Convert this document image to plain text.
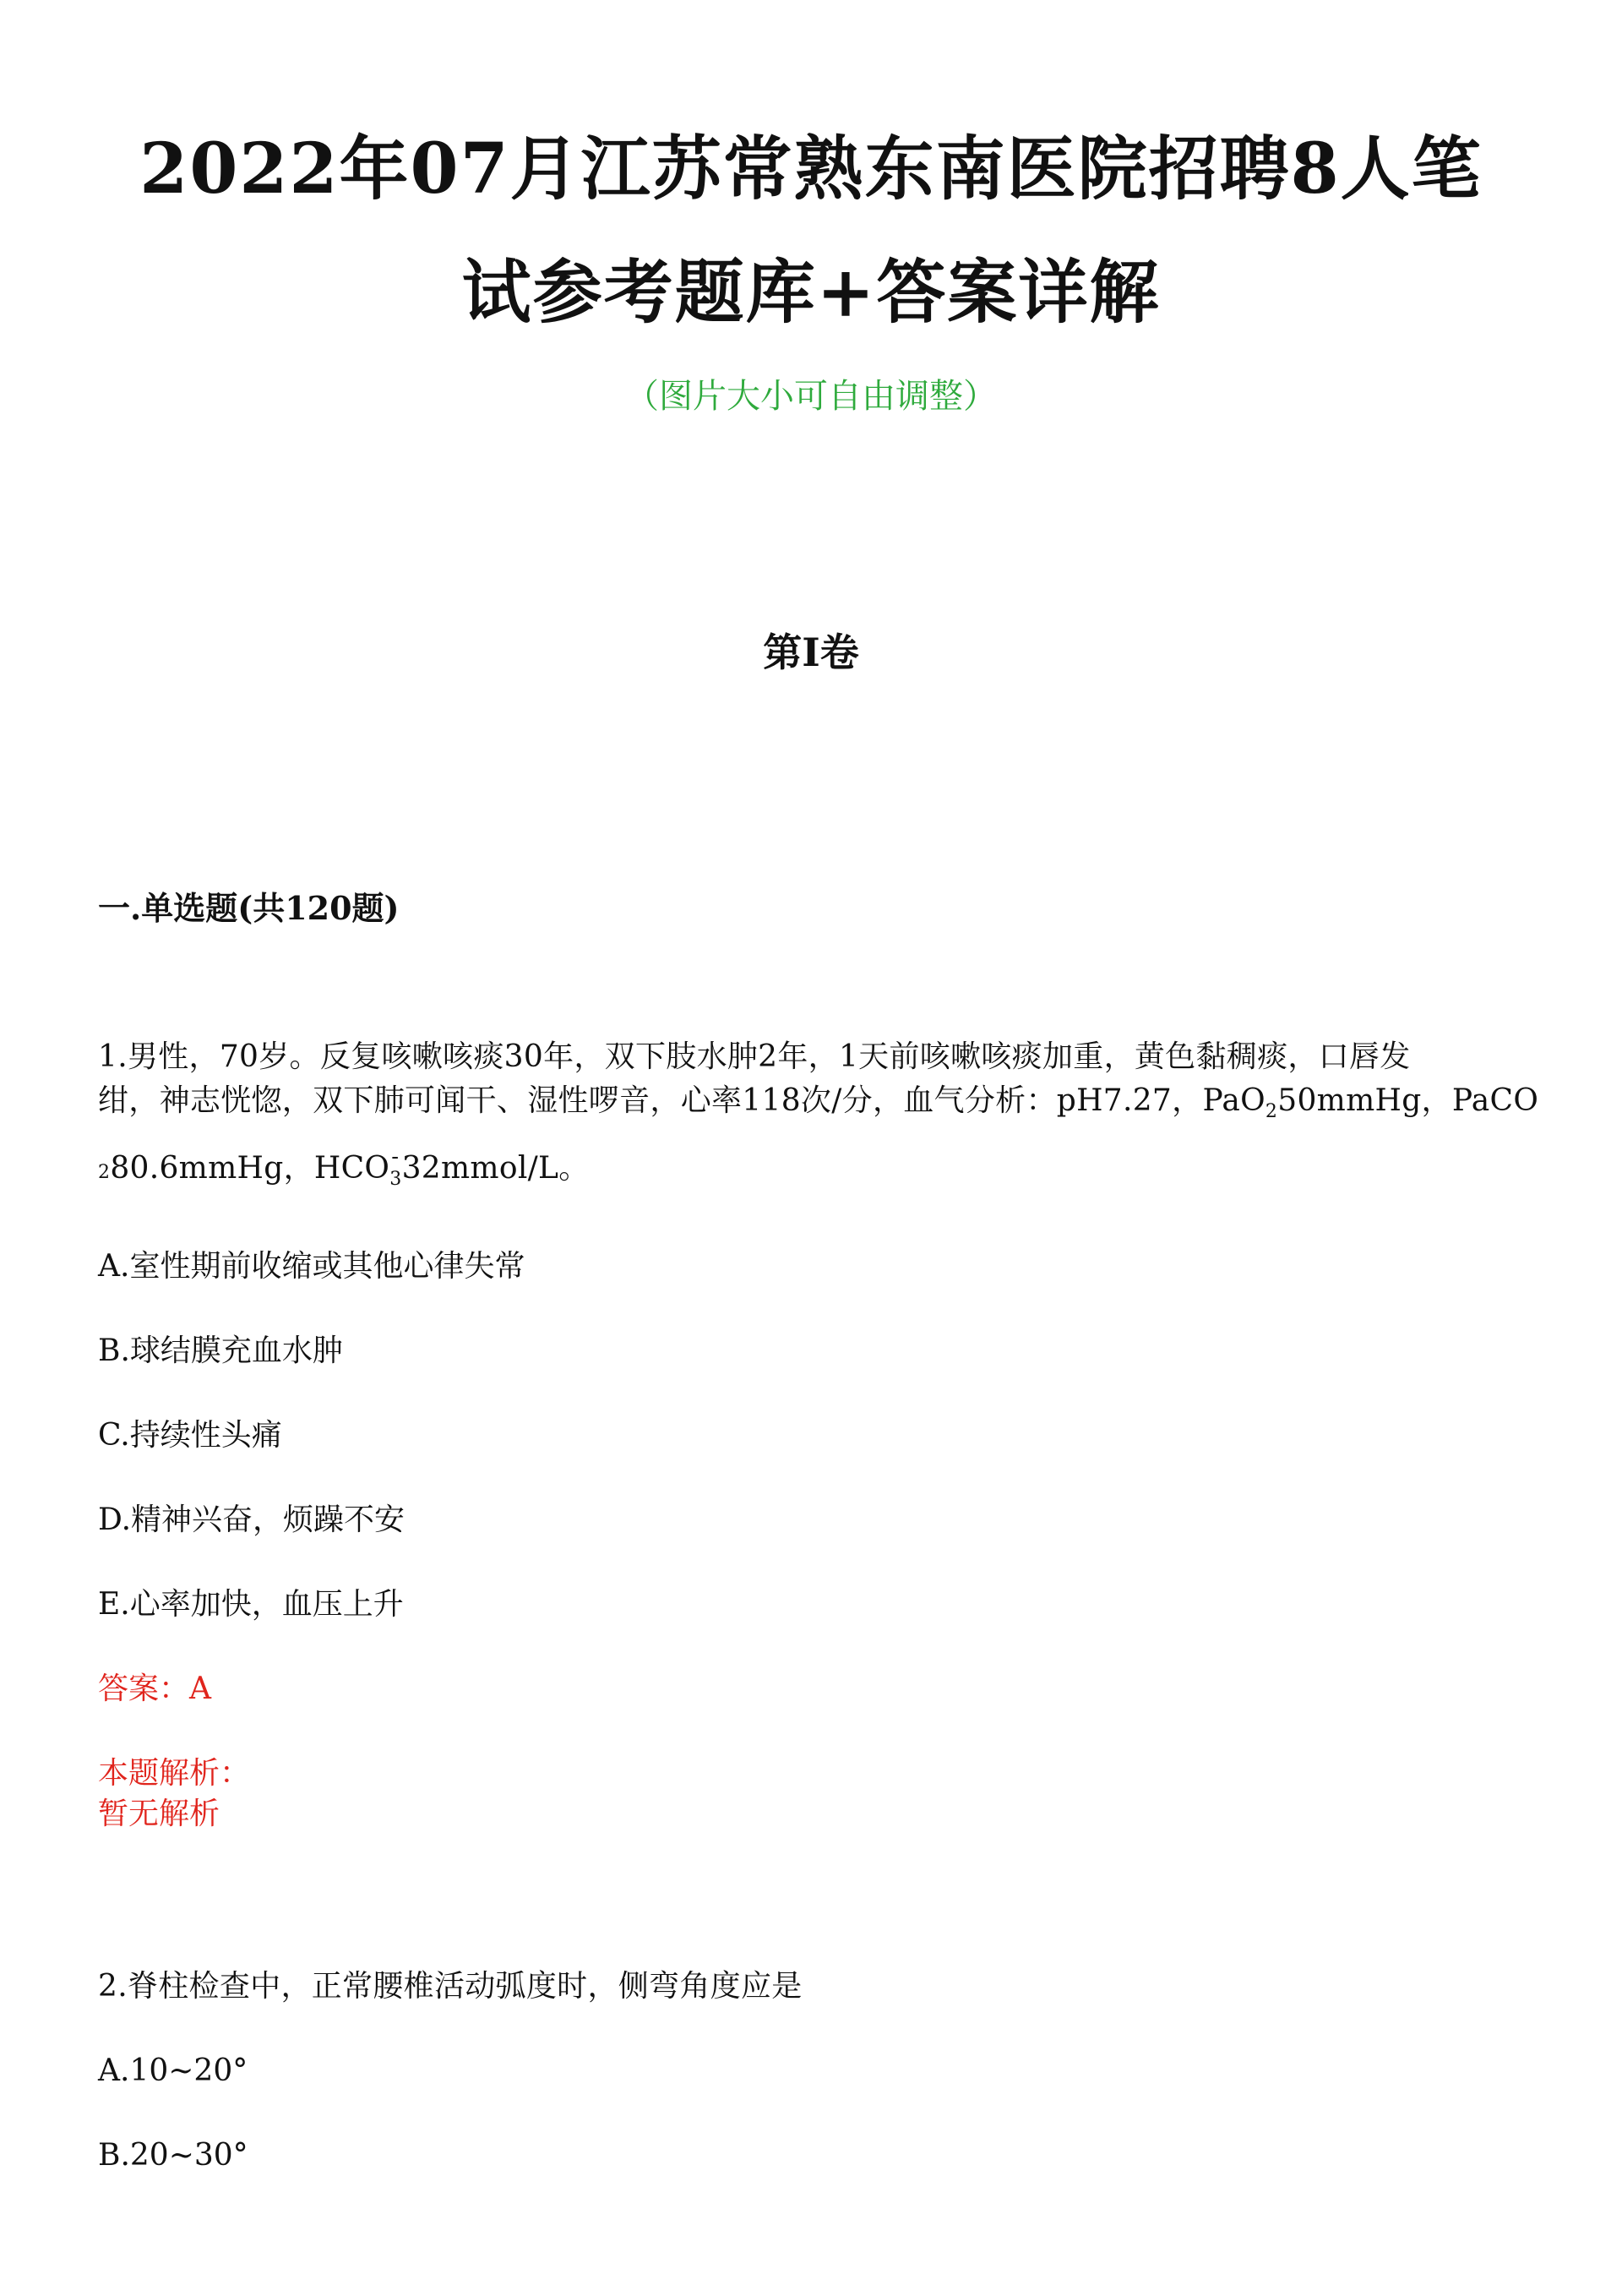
2022年07月江苏常熟东南医院招聘8人笔
试参考题库+答案详解
（图片大小可自由调整）
第I卷
一.单选题(共120题)
1.男性，70岁。反复咳嗽咳痰30年，双下肢水肿2年，1天前咳嗽咳痰加重，黄色黏稠痰，口唇发
绀，神志恍惚，双下肺可闻干、湿性啰音，心率118次/分，血气分析：pH7.27，PaO$_2$50mmHg，PaCO
280.6mmHg，HCO -
$_3$32mmol/L。
A.室性期前收缩或其他心律失常
B.球结膜充血水肿
C.持续性头痛
D.精神兴奋，烦躁不安
E.心率加快，血压上升
答案：A
本题解析：
暂无解析
2.脊柱检查中，正常腰椎活动弧度时，侧弯角度应是
A.10~20°
B.20~30°
